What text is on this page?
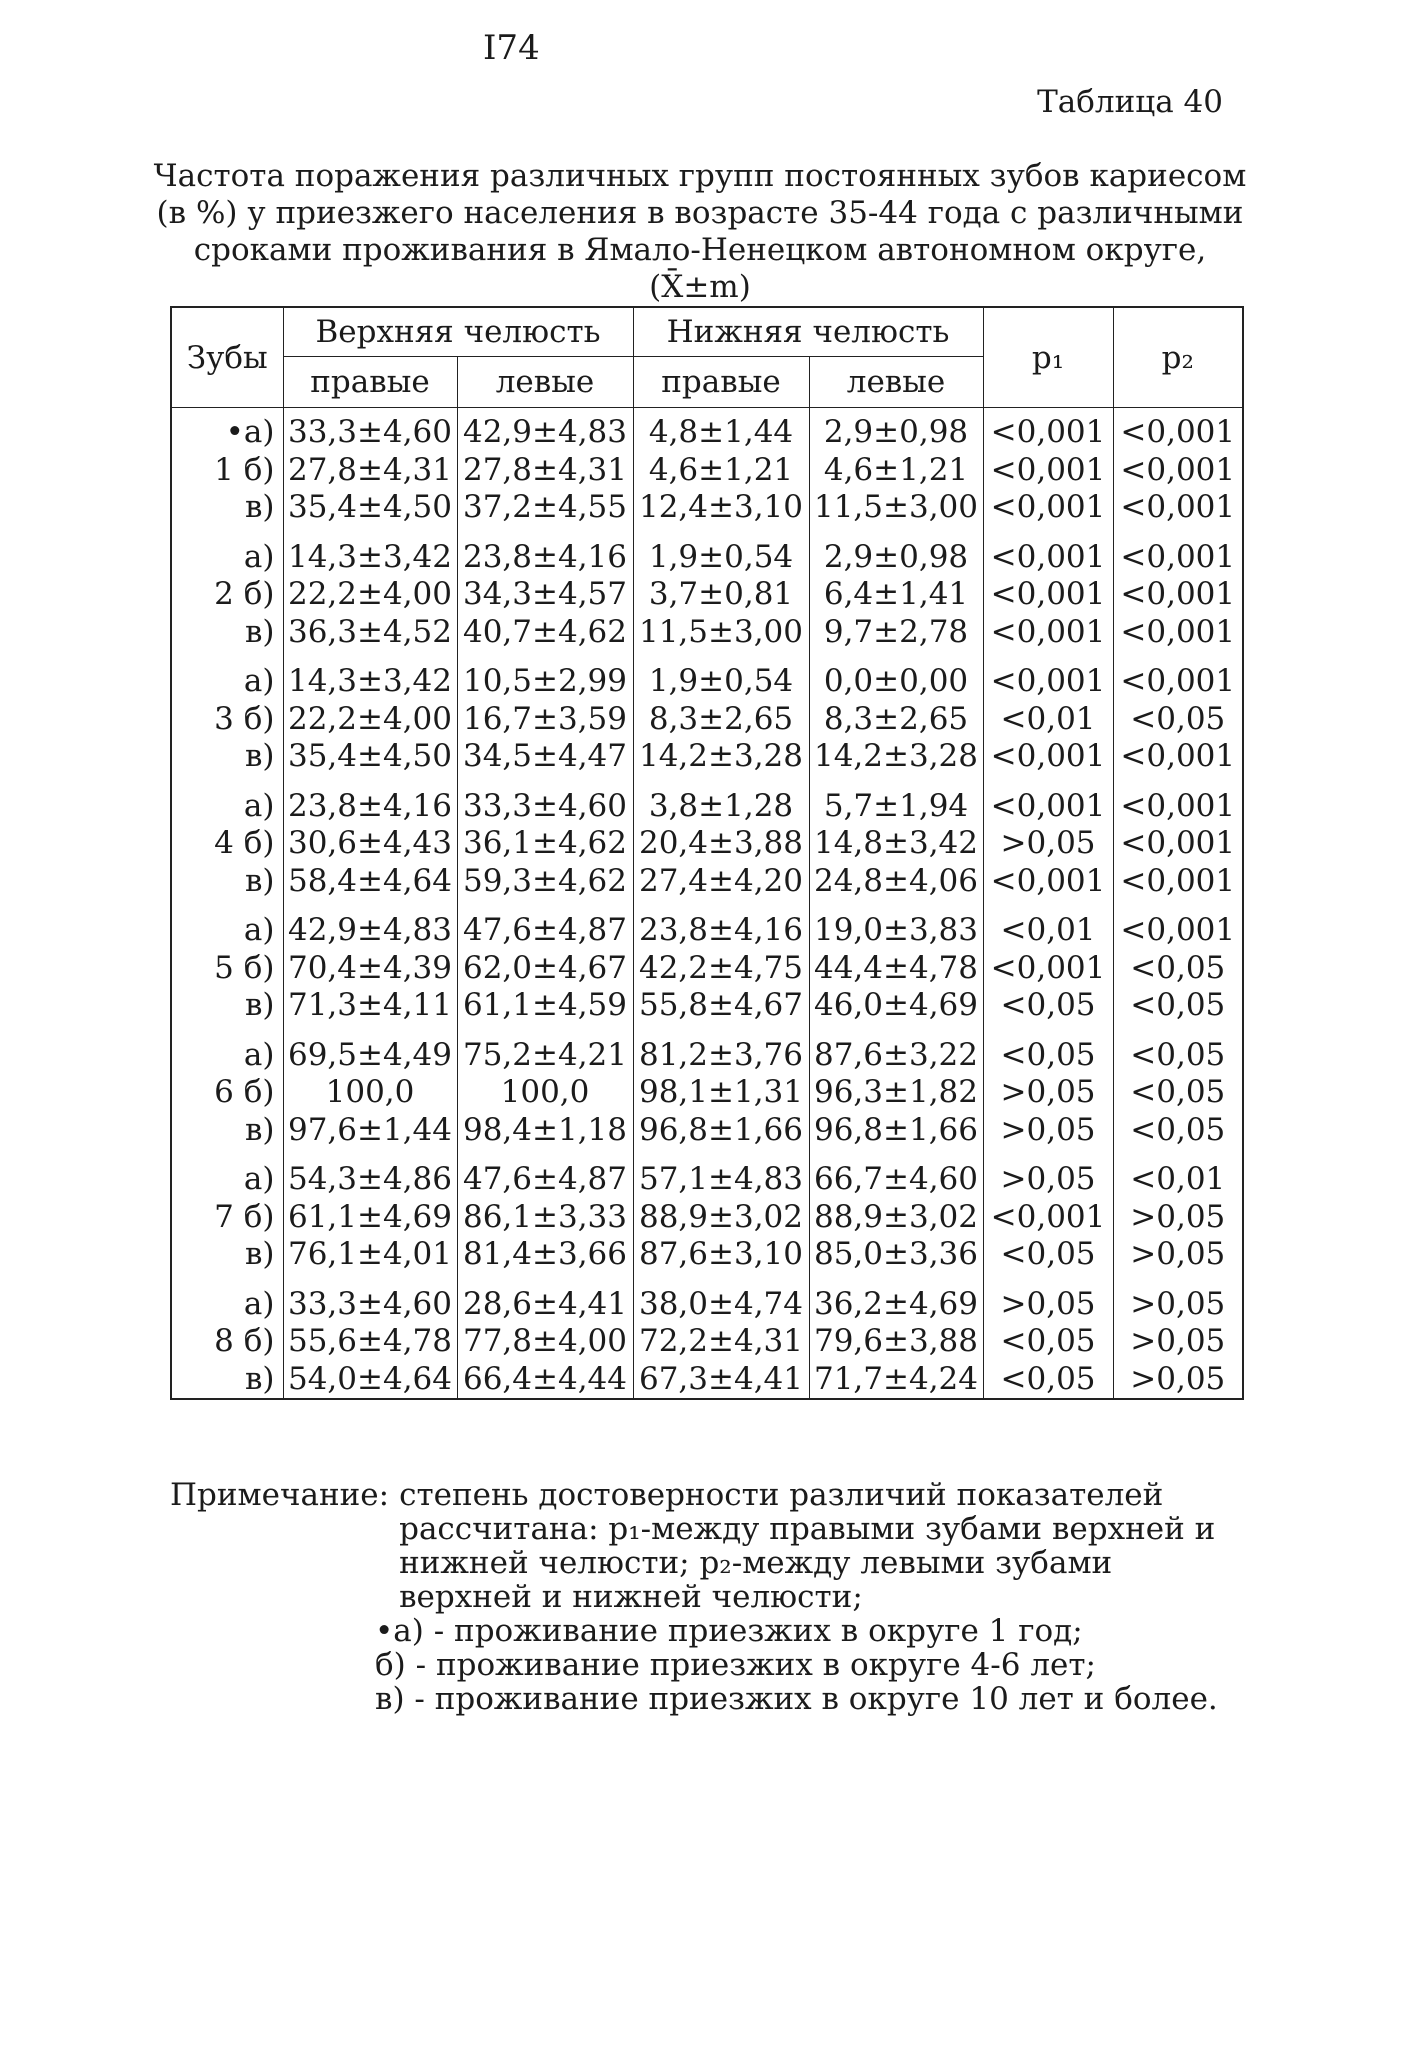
I74
Таблица 40
Частота поражения различных групп постоянных зубов кариесом (в %) у приезжего населения в возрасте 35-44 года с различными сроками проживания в Ямало-Ненецком автономном округе, (X̄±m)
Зубы	Верхняя челюсть		Нижняя челюсть		p₁	p₂
	правые	левые	правые	левые		
•а)	33,3±4,60	42,9±4,83	4,8±1,44	2,9±0,98	<0,001	<0,001
1 б)	27,8±4,31	27,8±4,31	4,6±1,21	4,6±1,21	<0,001	<0,001
в)	35,4±4,50	37,2±4,55	12,4±3,10	11,5±3,00	<0,001	<0,001
а)	14,3±3,42	23,8±4,16	1,9±0,54	2,9±0,98	<0,001	<0,001
2 б)	22,2±4,00	34,3±4,57	3,7±0,81	6,4±1,41	<0,001	<0,001
в)	36,3±4,52	40,7±4,62	11,5±3,00	9,7±2,78	<0,001	<0,001
а)	14,3±3,42	10,5±2,99	1,9±0,54	0,0±0,00	<0,001	<0,001
3 б)	22,2±4,00	16,7±3,59	8,3±2,65	8,3±2,65	<0,01	<0,05
в)	35,4±4,50	34,5±4,47	14,2±3,28	14,2±3,28	<0,001	<0,001
а)	23,8±4,16	33,3±4,60	3,8±1,28	5,7±1,94	<0,001	<0,001
4 б)	30,6±4,43	36,1±4,62	20,4±3,88	14,8±3,42	>0,05	<0,001
в)	58,4±4,64	59,3±4,62	27,4±4,20	24,8±4,06	<0,001	<0,001
а)	42,9±4,83	47,6±4,87	23,8±4,16	19,0±3,83	<0,01	<0,001
5 б)	70,4±4,39	62,0±4,67	42,2±4,75	44,4±4,78	<0,001	<0,05
в)	71,3±4,11	61,1±4,59	55,8±4,67	46,0±4,69	<0,05	<0,05
а)	69,5±4,49	75,2±4,21	81,2±3,76	87,6±3,22	<0,05	<0,05
6 б)	100,0	100,0	98,1±1,31	96,3±1,82	>0,05	<0,05
в)	97,6±1,44	98,4±1,18	96,8±1,66	96,8±1,66	>0,05	<0,05
а)	54,3±4,86	47,6±4,87	57,1±4,83	66,7±4,60	>0,05	<0,01
7 б)	61,1±4,69	86,1±3,33	88,9±3,02	88,9±3,02	<0,001	>0,05
в)	76,1±4,01	81,4±3,66	87,6±3,10	85,0±3,36	<0,05	>0,05
а)	33,3±4,60	28,6±4,41	38,0±4,74	36,2±4,69	>0,05	>0,05
8 б)	55,6±4,78	77,8±4,00	72,2±4,31	79,6±3,88	<0,05	>0,05
в)	54,0±4,64	66,4±4,44	67,3±4,41	71,7±4,24	<0,05	>0,05
Примечание: степень достоверности различий показателей рассчитана: p₁-между правыми зубами верхней и нижней челюсти; p₂-между левыми зубами верхней и нижней челюсти;
•а) - проживание приезжих в округе 1 год;
б) - проживание приезжих в округе 4-6 лет;
в) - проживание приезжих в округе 10 лет и более.
